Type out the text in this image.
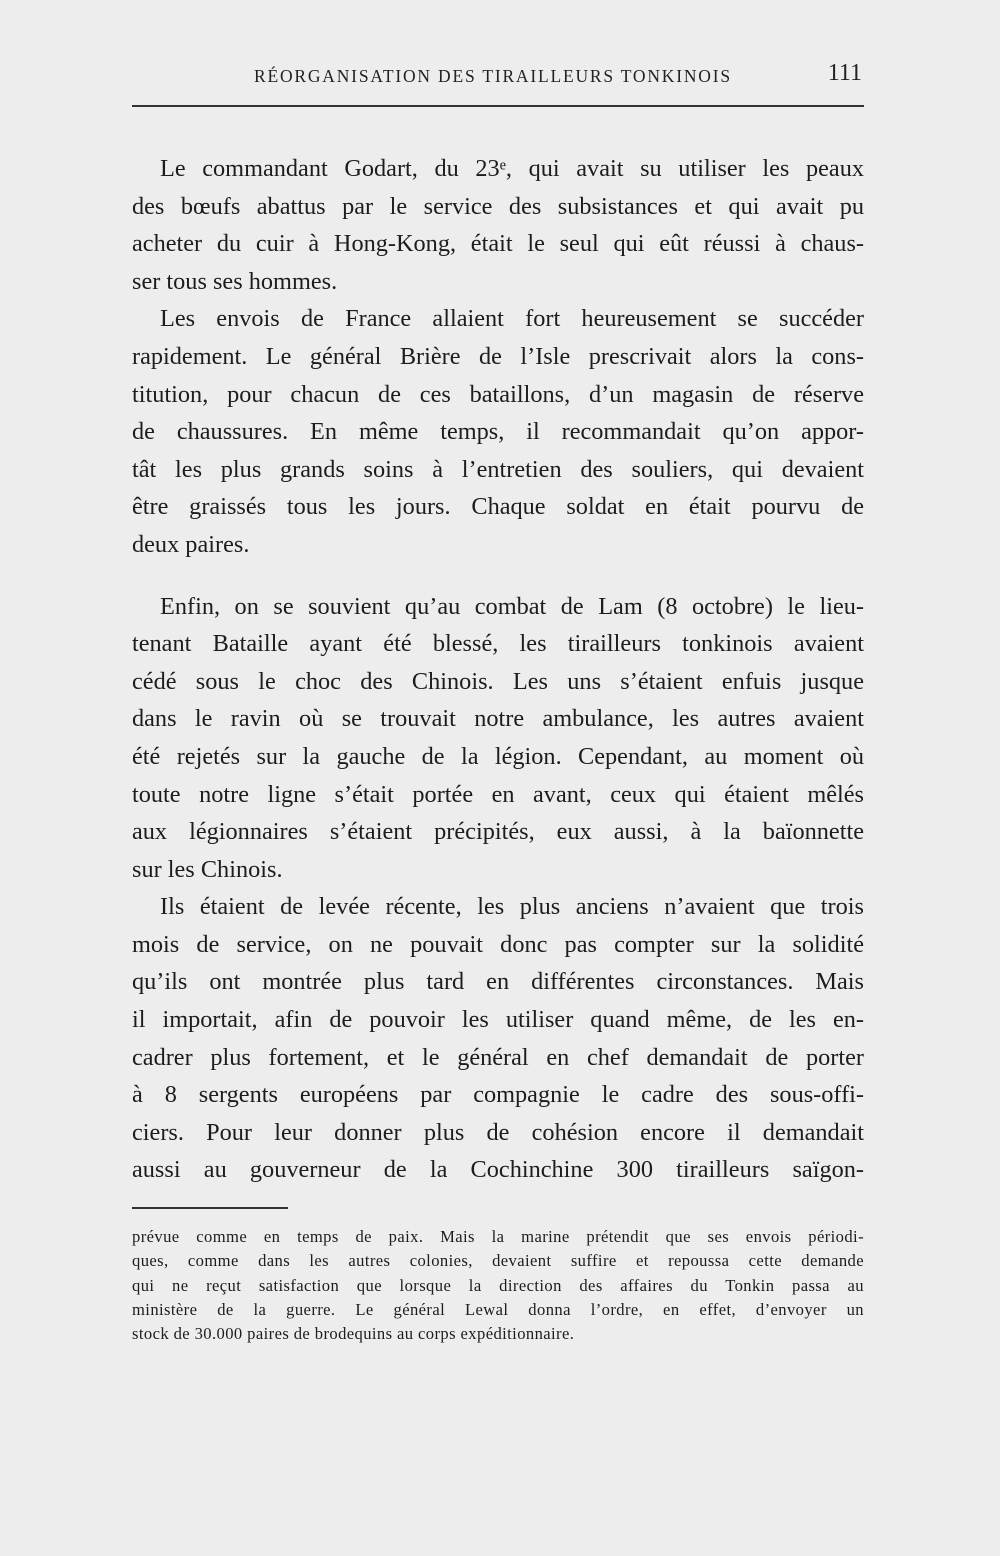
RÉORGANISATION DES TIRAILLEURS TONKINOIS	111

Le commandant Godart, du 23ᵉ, qui avait su utiliser les peaux
des bœufs abattus par le service des subsistances et qui avait pu
acheter du cuir à Hong-Kong, était le seul qui eût réussi à chaus-
ser tous ses hommes.

Les envois de France allaient fort heureusement se succéder
rapidement. Le général Brière de l’Isle prescrivait alors la cons-
titution, pour chacun de ces bataillons, d’un magasin de réserve
de chaussures. En même temps, il recommandait qu’on appor-
tât les plus grands soins à l’entretien des souliers, qui devaient
être graissés tous les jours. Chaque soldat en était pourvu de
deux paires.

Enfin, on se souvient qu’au combat de Lam (8 octobre) le lieu-
tenant Bataille ayant été blessé, les tirailleurs tonkinois avaient
cédé sous le choc des Chinois. Les uns s’étaient enfuis jusque
dans le ravin où se trouvait notre ambulance, les autres avaient
été rejetés sur la gauche de la légion. Cependant, au moment où
toute notre ligne s’était portée en avant, ceux qui étaient mêlés
aux légionnaires s’étaient précipités, eux aussi, à la baïonnette
sur les Chinois.

Ils étaient de levée récente, les plus anciens n’avaient que trois
mois de service, on ne pouvait donc pas compter sur la solidité
qu’ils ont montrée plus tard en différentes circonstances. Mais
il importait, afin de pouvoir les utiliser quand même, de les en-
cadrer plus fortement, et le général en chef demandait de porter
à 8 sergents européens par compagnie le cadre des sous-offi-
ciers. Pour leur donner plus de cohésion encore il demandait
aussi au gouverneur de la Cochinchine 300 tirailleurs saïgon-

prévue comme en temps de paix. Mais la marine prétendit que ses envois périodi-
ques, comme dans les autres colonies, devaient suffire et repoussa cette demande
qui ne reçut satisfaction que lorsque la direction des affaires du Tonkin passa au
ministère de la guerre. Le général Lewal donna l’ordre, en effet, d’envoyer un
stock de 30.000 paires de brodequins au corps expéditionnaire.
